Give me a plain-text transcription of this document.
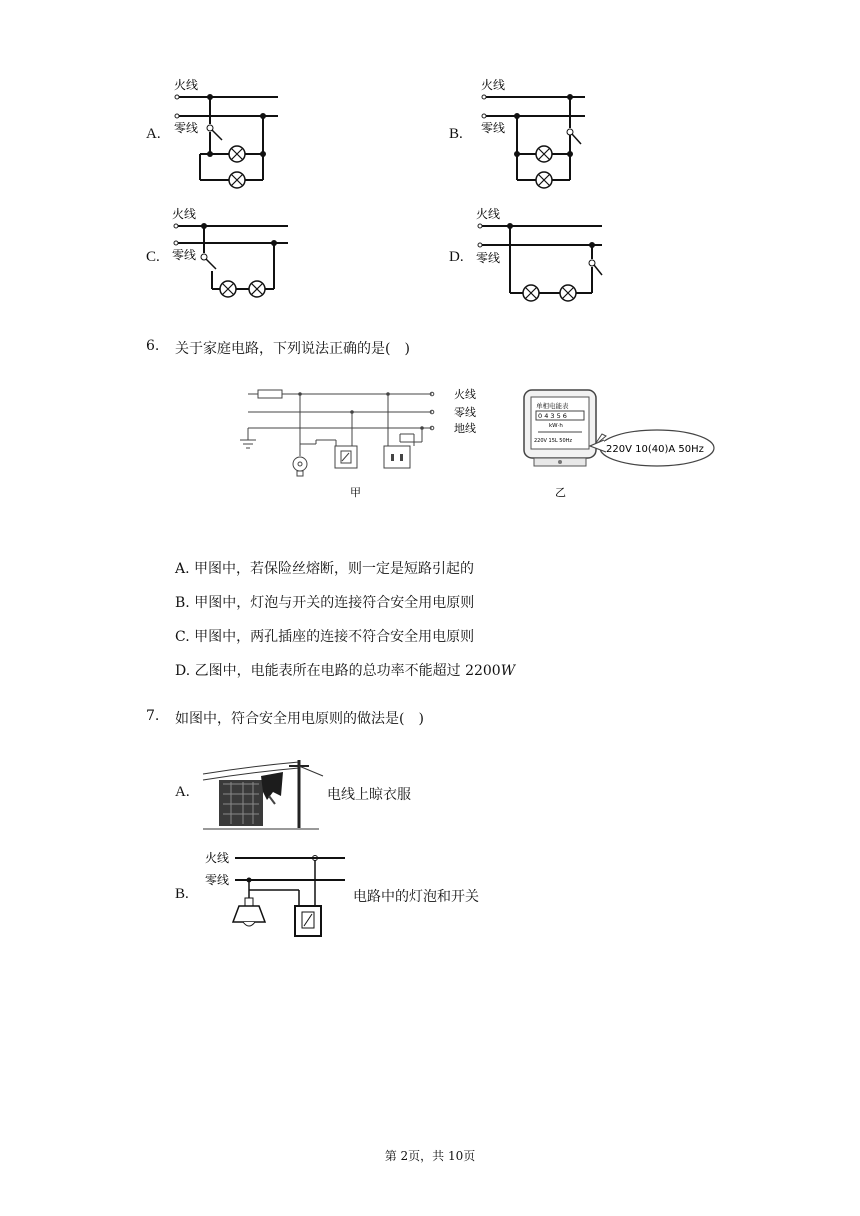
A.
火线
零线	B.
火线
零线
C.
火线
零线	D.
火线
零线
6. 关于家庭电路，下列说法正确的是(　)
火线
零线
地线
甲
单相电能表
0 4 3 5 6
kW·h
220V 15L 50Hz
220V 10(40)A 50Hz
乙
A. 甲图中，若保险丝熔断，则一定是短路引起的
B. 甲图中，灯泡与开关的连接符合安全用电原则
C. 甲图中，两孔插座的连接不符合安全用电原则
D. 乙图中，电能表所在电路的总功率不能超过 2200W
7. 如图中，符合安全用电原则的做法是(　)
A.	电线上晾衣服
B.
火线
零线
电路中的灯泡和开关
第 2页，共 10页
